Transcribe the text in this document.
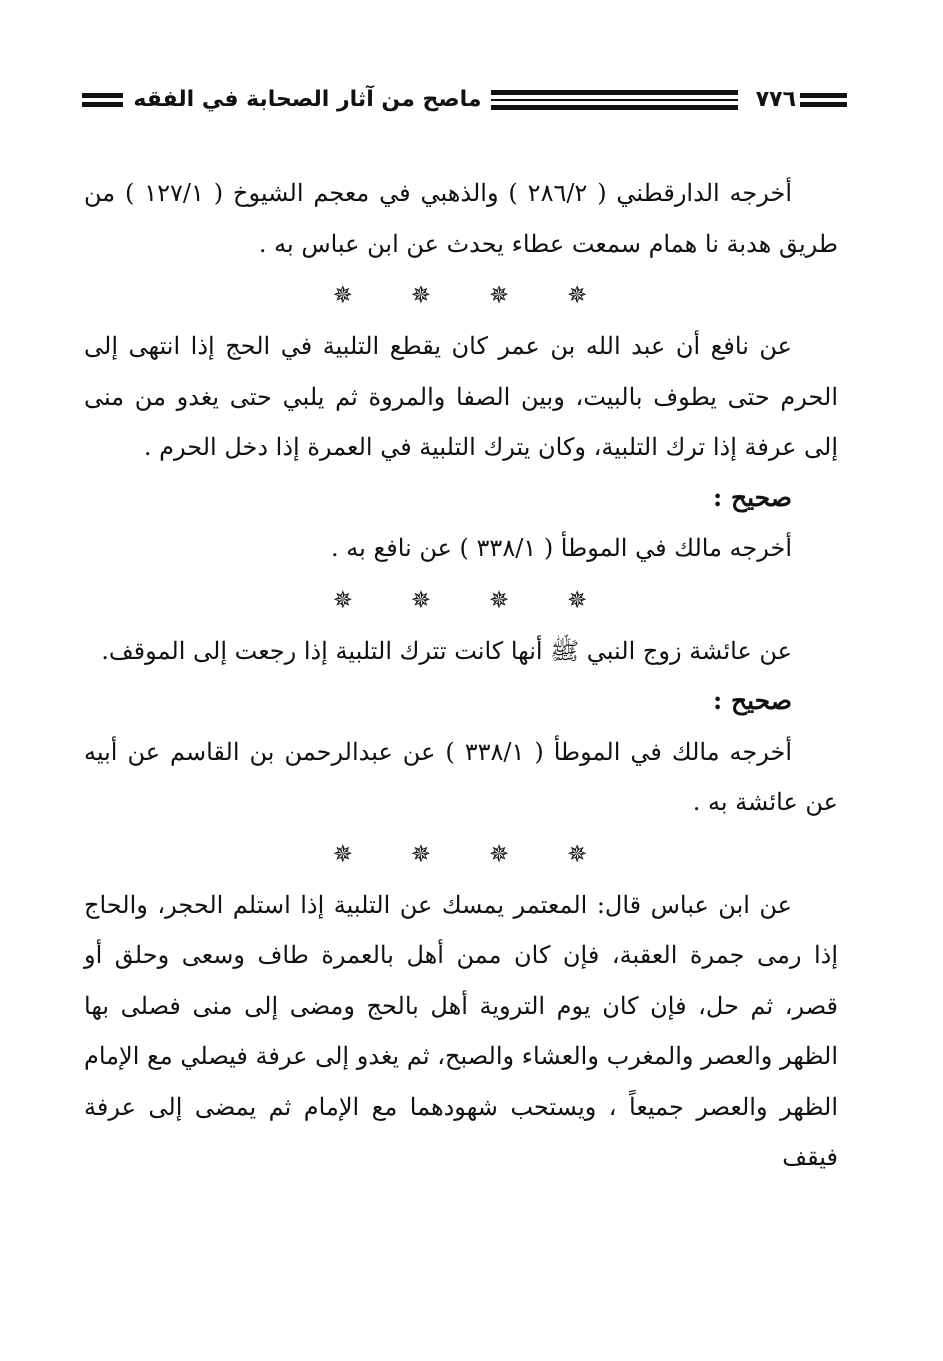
٧٧٦
ماصح من آثار الصحابة في الفقه

أخرجه الدارقطني ( ٢٨٦/٢ ) والذهبي في معجم الشيوخ ( ١٢٧/١ ) من طريق هدبة نا همام سمعت عطاء يحدث عن ابن عباس به .

✵ ✵ ✵ ✵

عن نافع أن عبد الله بن عمر كان يقطع التلبية في الحج إذا انتهى إلى الحرم حتى يطوف بالبيت، وبين الصفا والمروة ثم يلبي حتى يغدو من منى إلى عرفة إذا ترك التلبية، وكان يترك التلبية في العمرة إذا دخل الحرم .

صحيح :

أخرجه مالك في الموطأ ( ٣٣٨/١ ) عن نافع به .

✵ ✵ ✵ ✵

عن عائشة زوج النبي ﷺ أنها كانت تترك التلبية إذا رجعت إلى الموقف.

صحيح :

أخرجه مالك في الموطأ ( ٣٣٨/١ ) عن عبدالرحمن بن القاسم عن أبيه عن عائشة به .

✵ ✵ ✵ ✵

عن ابن عباس قال: المعتمر يمسك عن التلبية إذا استلم الحجر، والحاج إذا رمى جمرة العقبة، فإن كان ممن أهل بالعمرة طاف وسعى وحلق أو قصر، ثم حل، فإن كان يوم التروية أهل بالحج ومضى إلى منى فصلى بها الظهر والعصر والمغرب والعشاء والصبح، ثم يغدو إلى عرفة فيصلي مع الإمام الظهر والعصر جميعاً ، ويستحب شهودهما مع الإمام ثم يمضى إلى عرفة فيقف
